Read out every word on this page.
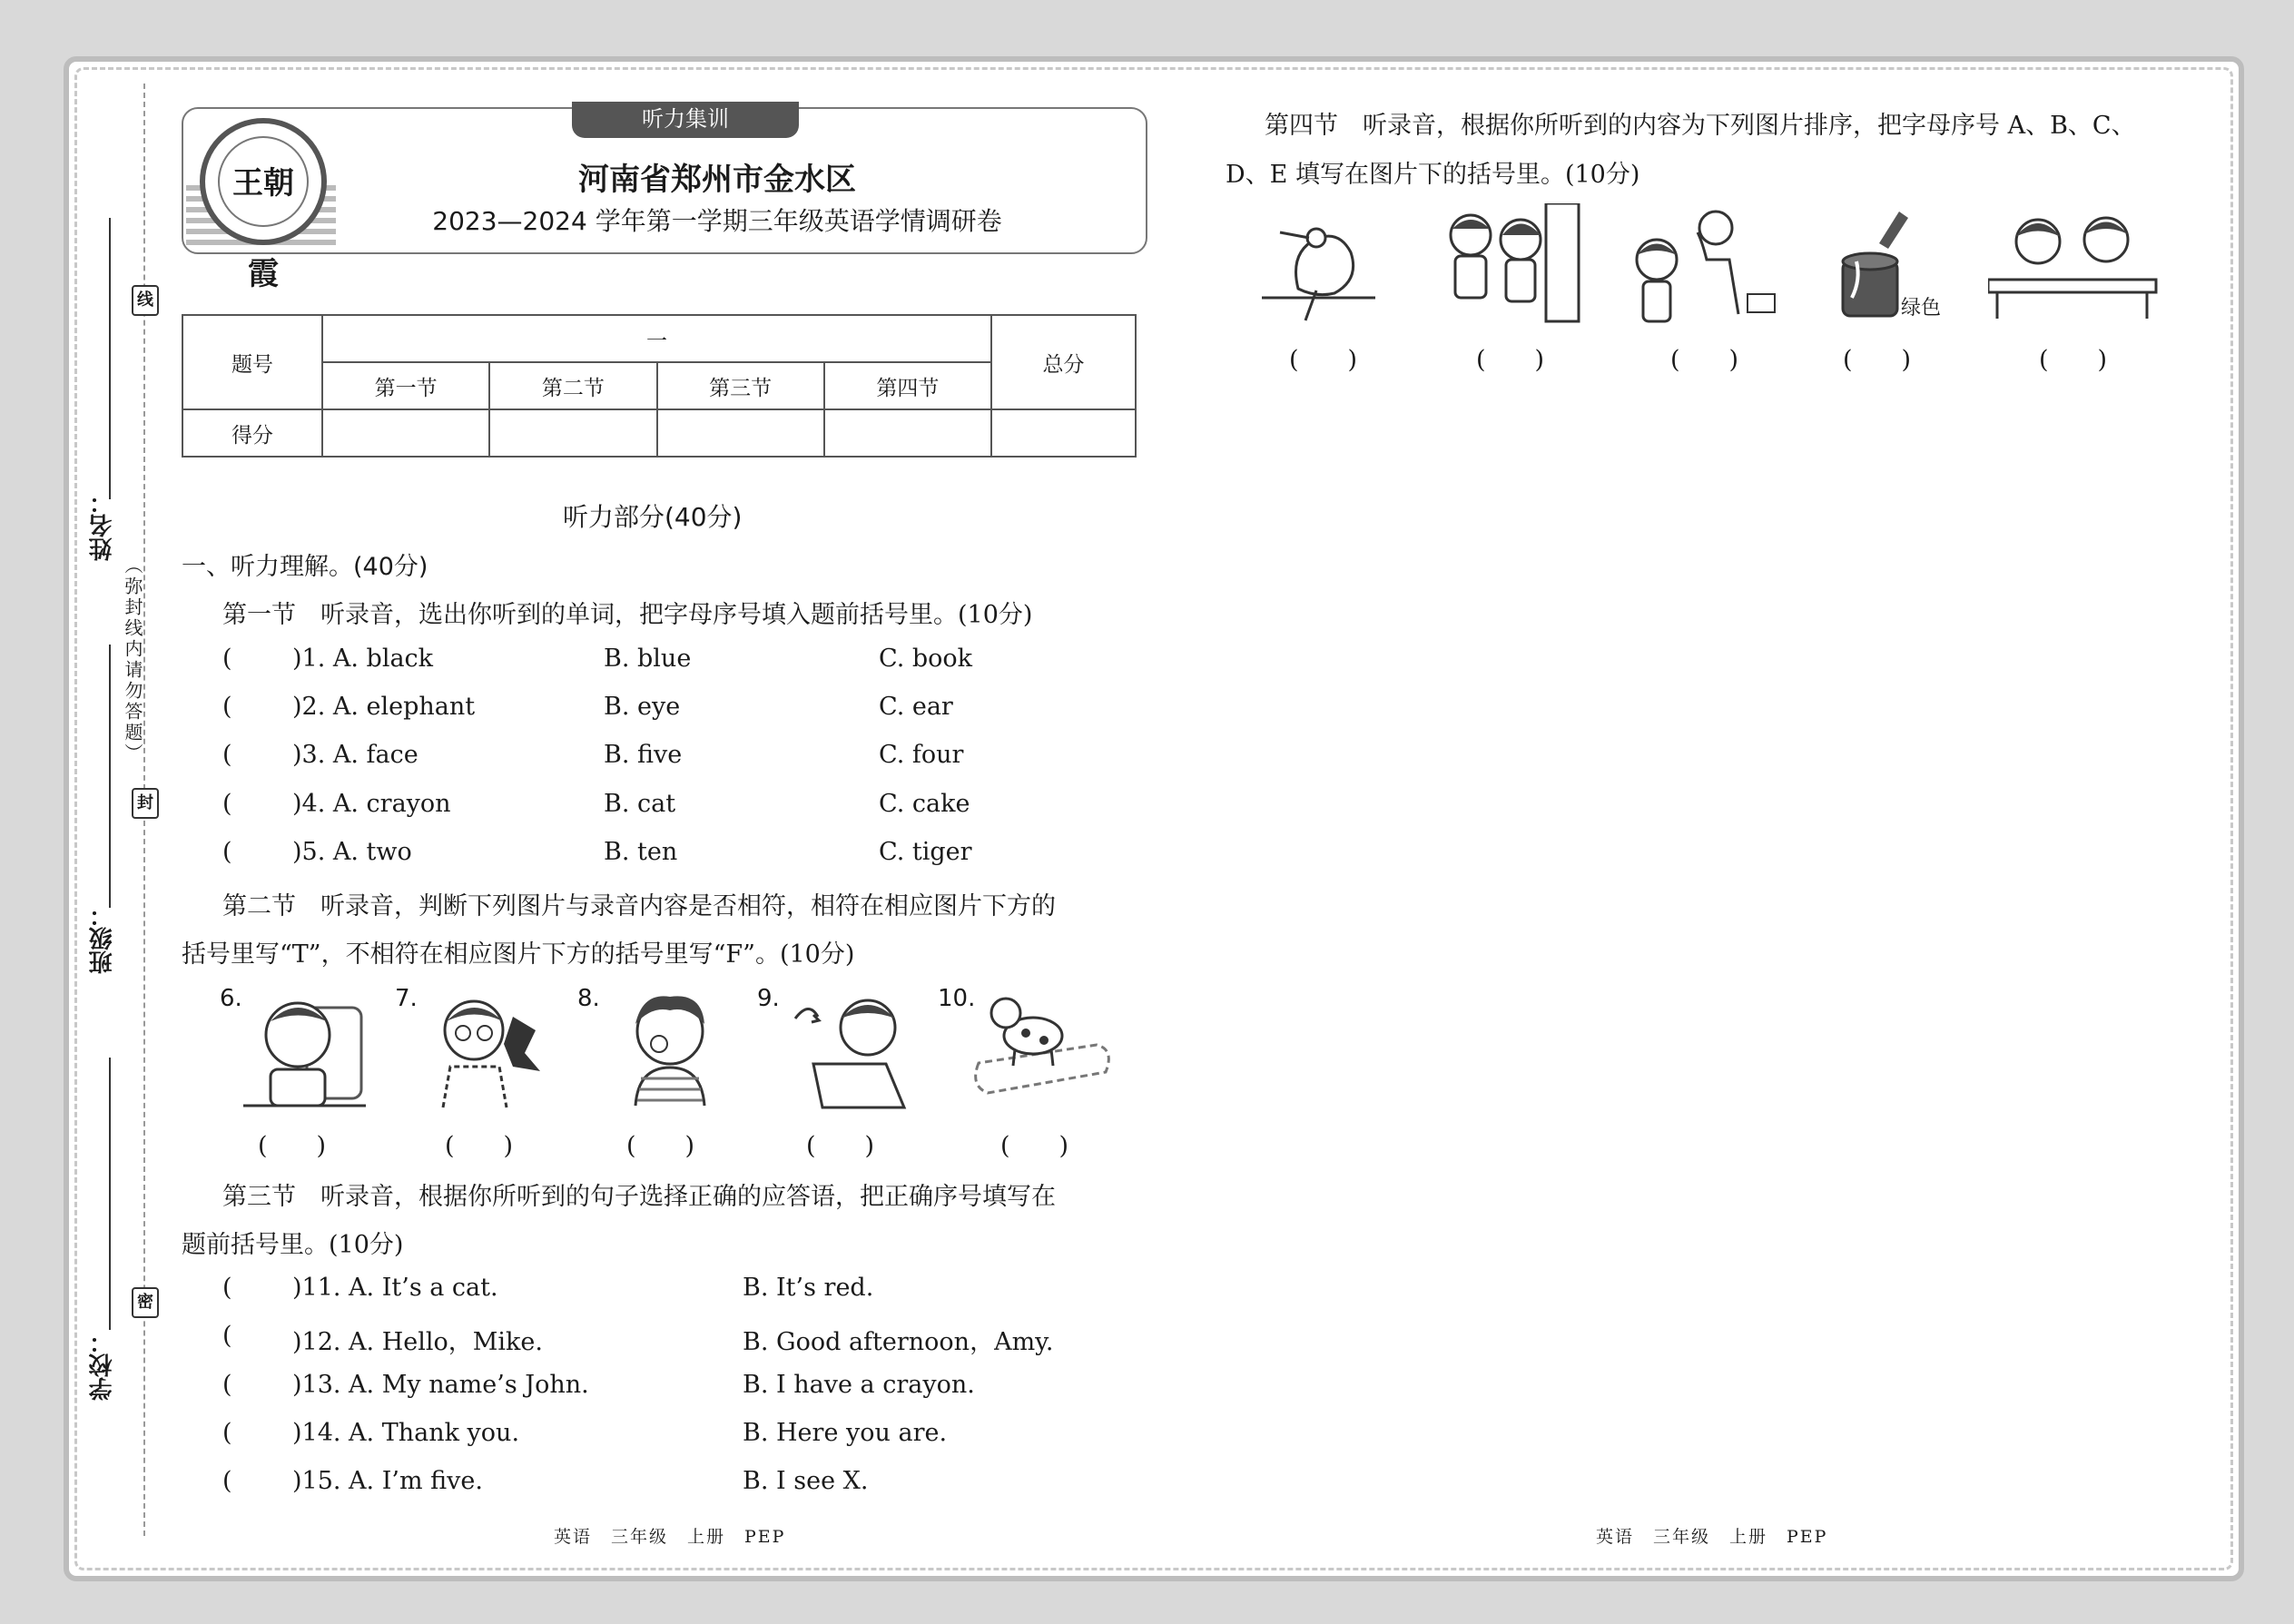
姓名：
班级：
学校：
线
封
密
（弥封线内请勿答题）
听力集训
王朝霞
河南省郑州市金水区
2023—2024 学年第一学期三年级英语学情调研卷
题号	一				总分
	第一节	第二节	第三节	第四节	
得分					
听力部分(40分)
一、听力理解。(40分)
第一节　听录音，选出你听到的单词，把字母序号填入题前括号里。(10分)
( )1. A. black	B. blue	C. book
( )2. A. elephant	B. eye	C. ear
( )3. A. face	B. five	C. four
( )4. A. crayon	B. cat	C. cake
( )5. A. two	B. ten	C. tiger
第二节　听录音，判断下列图片与录音内容是否相符，相符在相应图片下方的
括号里写“T”，不相符在相应图片下方的括号里写“F”。(10分)
6.	7.	8.	9.	10.
(　　)	(　　)	(　　)	(　　)	(　　)
第三节　听录音，根据你所听到的句子选择正确的应答语，把正确序号填写在
题前括号里。(10分)
( )11. A. It’s a cat.	B. It’s red.
( )12. A. Hello，Mike.	B. Good afternoon，Amy.
( )13. A. My name’s John.	B. I have a crayon.
( )14. A. Thank you.	B. Here you are.
( )15. A. I’m five.	B. I see X.
英语　三年级　上册　PEP
第四节　听录音，根据你所听到的内容为下列图片排序，把字母序号 A、B、C、
D、E 填写在图片下的括号里。(10分)
绿色
(　　)	(　　)	(　　)	(　　)	(　　)
英语　三年级　上册　PEP
